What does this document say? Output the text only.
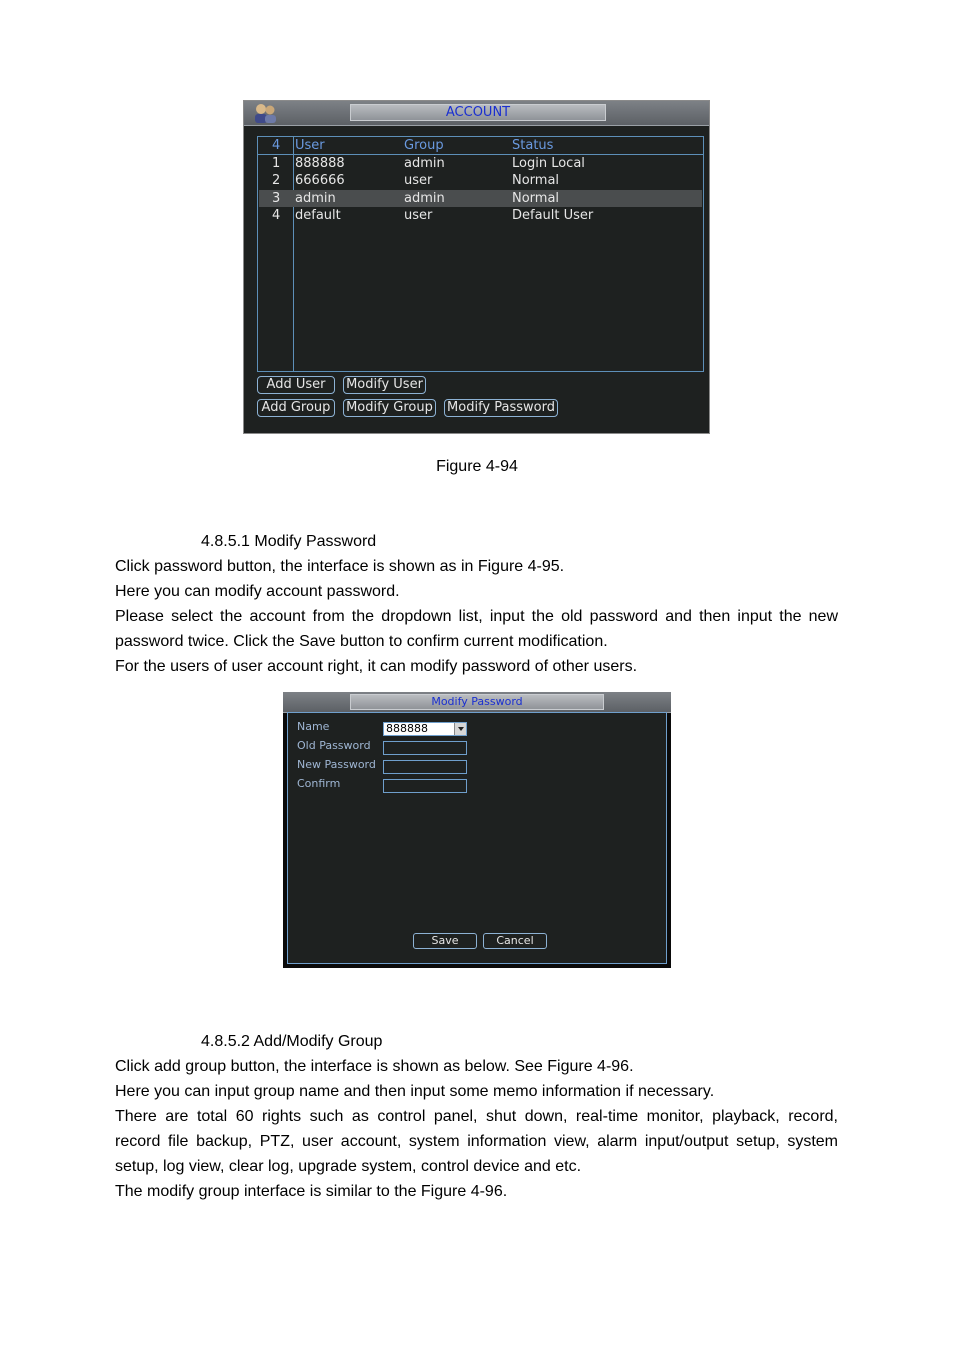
ACCOUNT
4 User	Group	Status
1 888888	admin	Login Local
2 666666	user	Normal
3 admin	admin	Normal
4 default	user	Default User
Add User	Modify User
Add Group	Modify Group Modify Password
Figure 4-94
4.8.5.1 Modify Password
Click password button, the interface is shown as in Figure 4-95.
Here you can modify account password.
Please select the account from the dropdown list, input the old password and then input the new
password twice. Click the Save button to confirm current modification.
For the users of user account right, it can modify password of other users.
Modify Password
Name	888888
Old Password
New Password
Confirm
Save	Cancel
4.8.5.2 Add/Modify Group
Click add group button, the interface is shown as below. See Figure 4-96.
Here you can input group name and then input some memo information if necessary.
There are total 60 rights such as control panel, shut down, real-time monitor, playback, record,
record file backup, PTZ, user account, system information view, alarm input/output setup, system
setup, log view, clear log, upgrade system, control device and etc.
The modify group interface is similar to the Figure 4-96.
